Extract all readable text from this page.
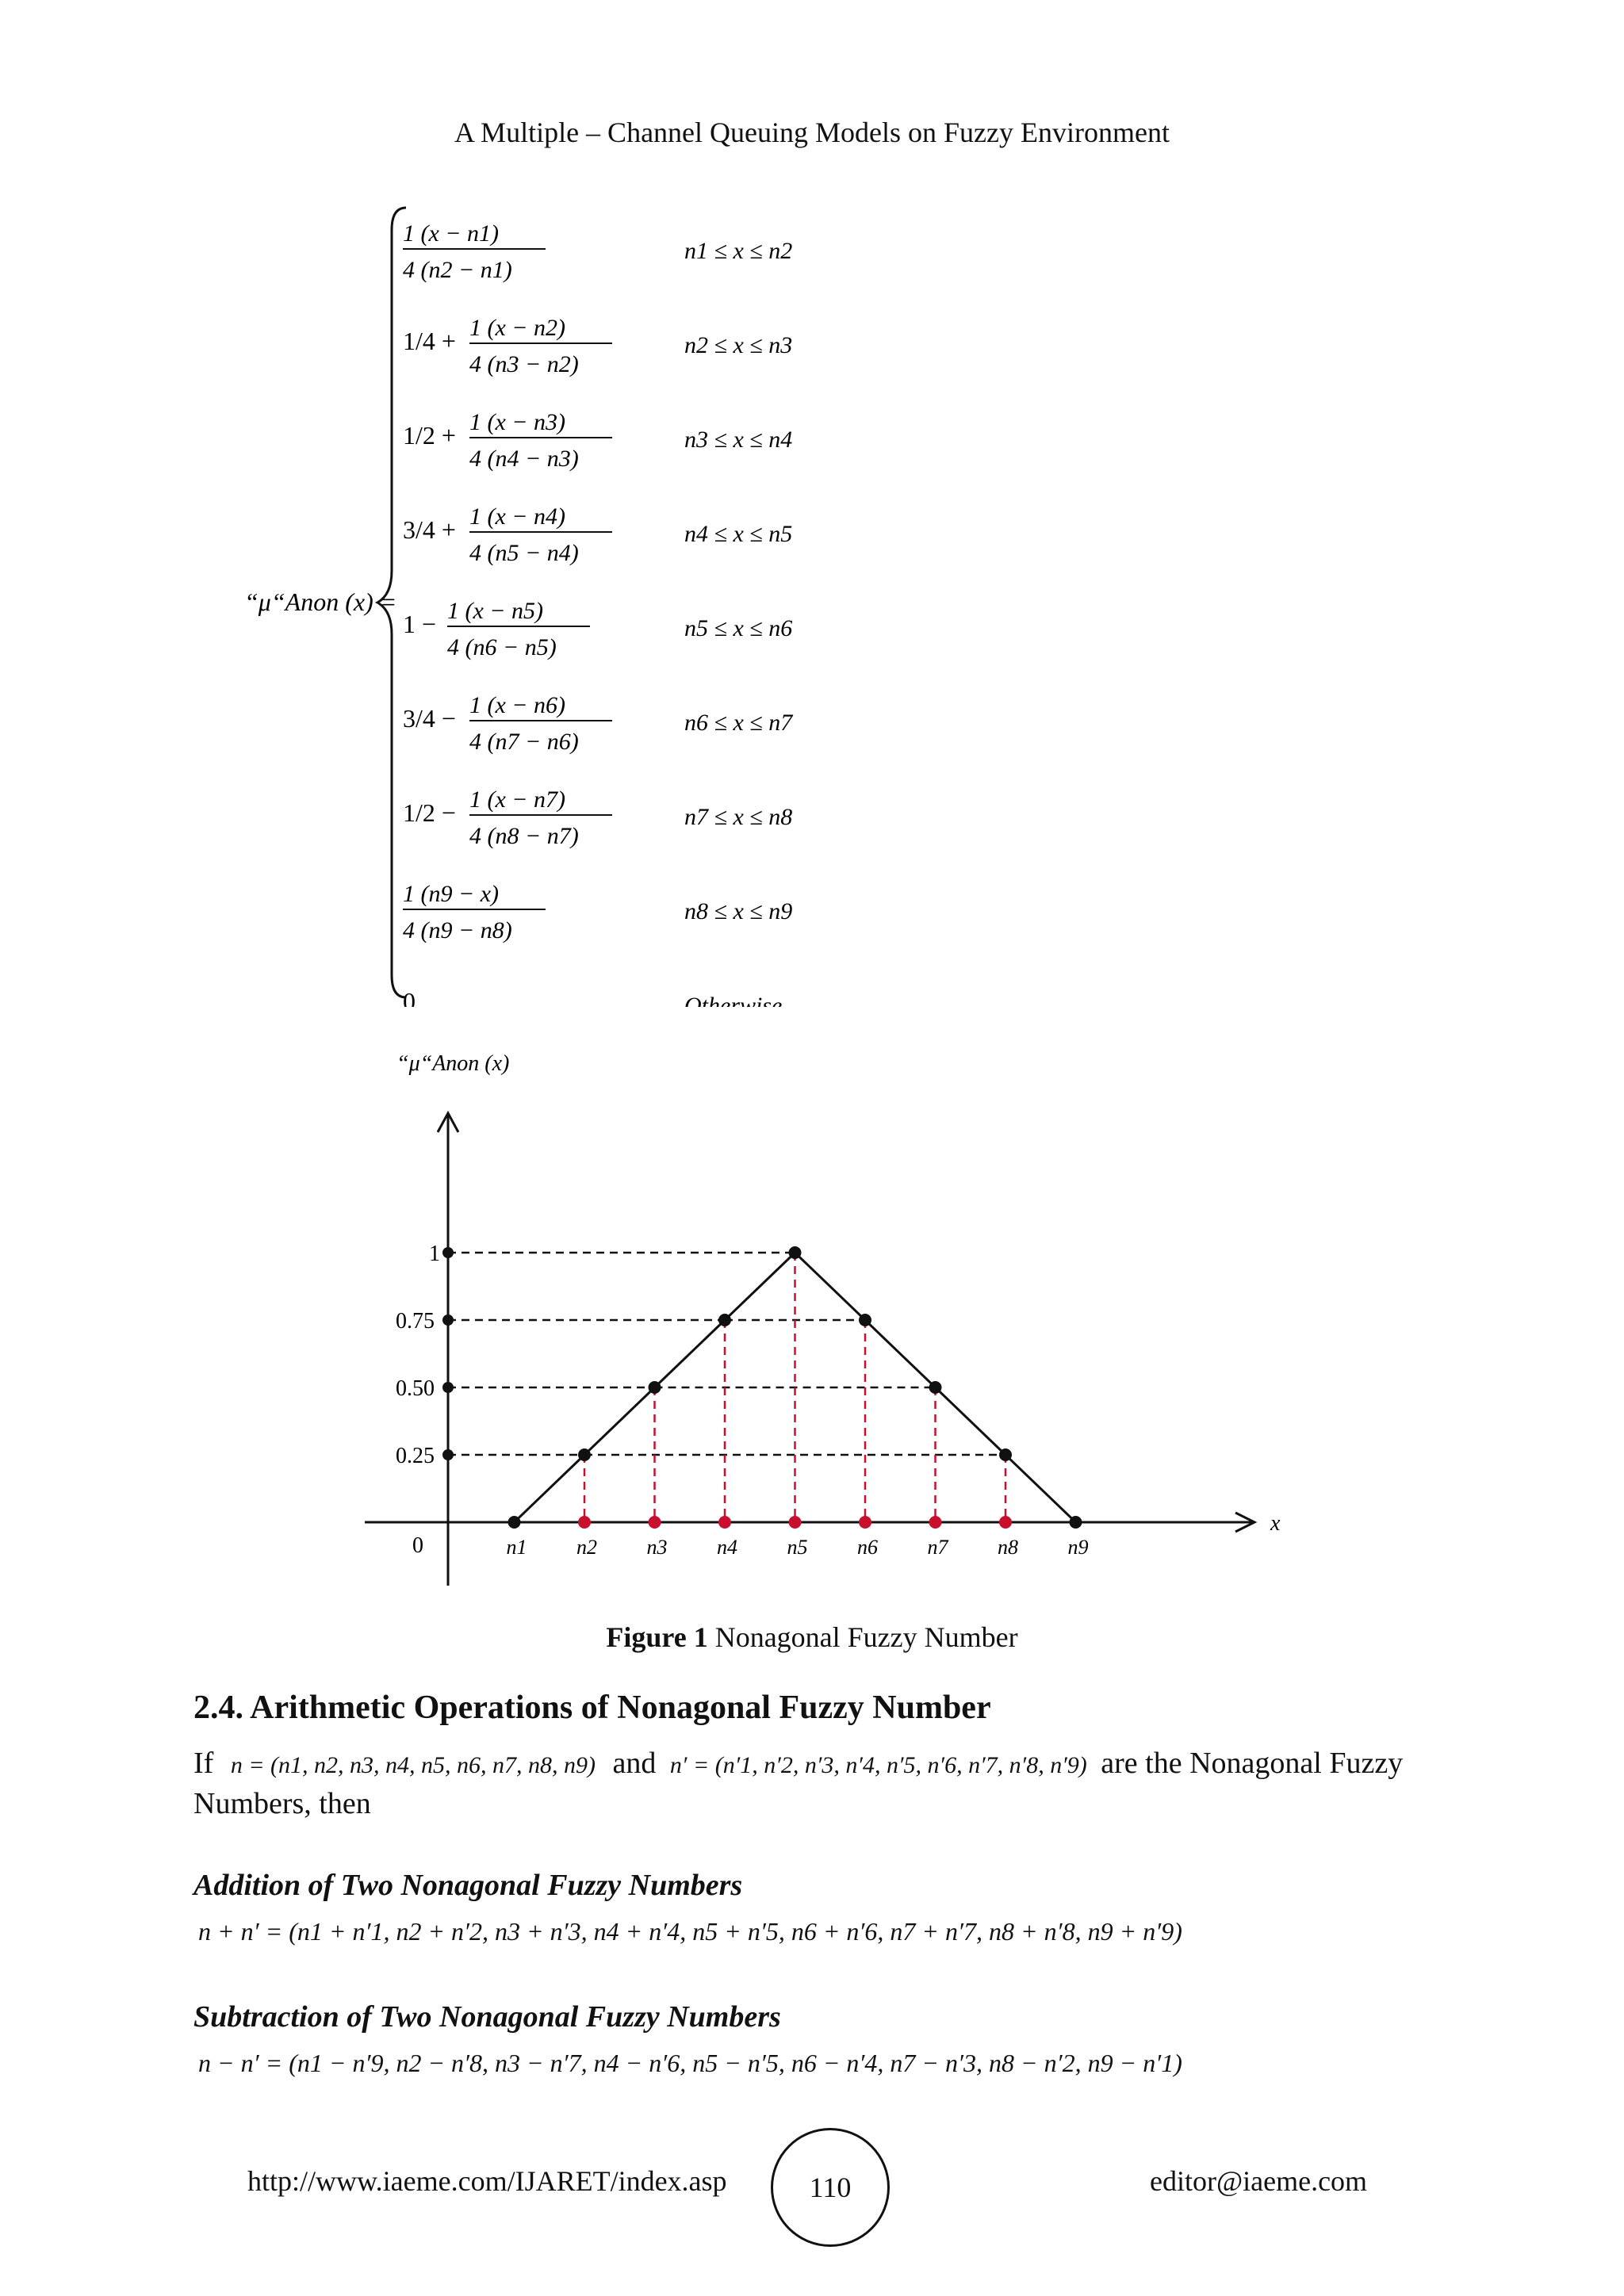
A Multiple – Channel Queuing Models on Fuzzy Environment
“μ“Anon (x) =
1 (x − n1)
4 (n2 − n1)
n1 ≤ x ≤ n2
1/4 + 1 (x − n2)
4 (n3 − n2)
n2 ≤ x ≤ n3
1/2 + 1 (x − n3)
4 (n4 − n3)
n3 ≤ x ≤ n4
3/4 + 1 (x − n4)
4 (n5 − n4)
n4 ≤ x ≤ n5
1 − 1 (x − n5)
4 (n6 − n5)
n5 ≤ x ≤ n6
3/4 − 1 (x − n6)
4 (n7 − n6)
n6 ≤ x ≤ n7
1/2 − 1 (x − n7)
4 (n8 − n7)
n7 ≤ x ≤ n8
1 (n9 − x)
4 (n9 − n8)
n8 ≤ x ≤ n9
0	Otherwise
“μ“Anon (x)
x
0
0.25
0.50
0.75
1
n1 n2 n3 n4 n5 n6 n7 n8 n9
Figure 1 Nonagonal Fuzzy Number
2.4. Arithmetic Operations of Nonagonal Fuzzy Number
If n = (n1, n2, n3, n4, n5, n6, n7, n8, n9) and n′ = (n′1, n′2, n′3, n′4, n′5, n′6, n′7, n′8, n′9) are the Nonagonal Fuzzy Numbers, then
Addition of Two Nonagonal Fuzzy Numbers
n + n′ = (n1 + n′1, n2 + n′2, n3 + n′3, n4 + n′4, n5 + n′5, n6 + n′6, n7 + n′7, n8 + n′8, n9 + n′9)
Subtraction of Two Nonagonal Fuzzy Numbers
n − n′ = (n1 − n′9, n2 − n′8, n3 − n′7, n4 − n′6, n5 − n′5, n6 − n′4, n7 − n′3, n8 − n′2, n9 − n′1)
http://www.iaeme.com/IJARET/index.asp	110	editor@iaeme.com
